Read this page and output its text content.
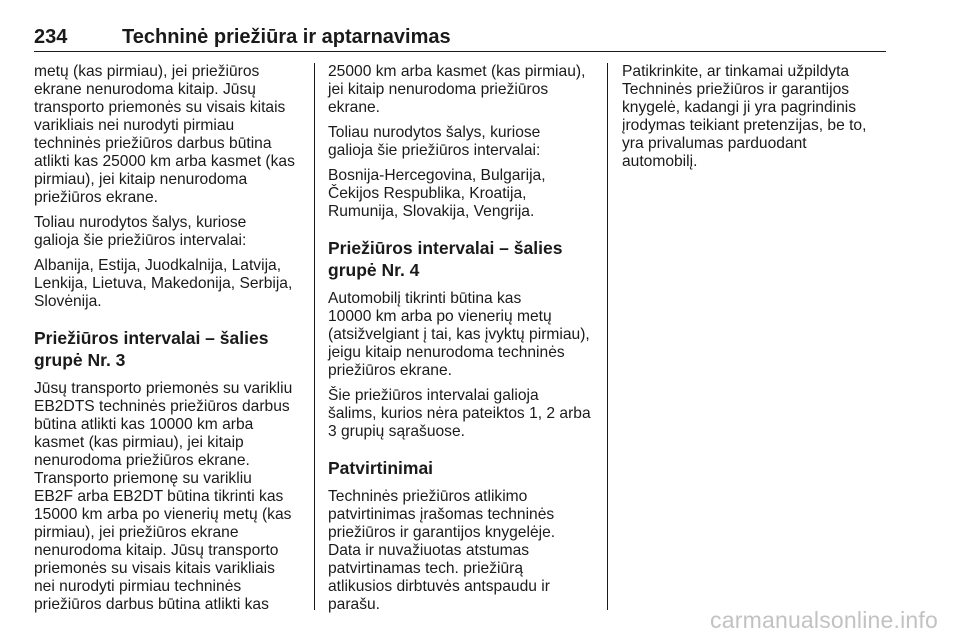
234	Techninė priežiūra ir aptarnavimas

metų (kas pirmiau), jei priežiūros
ekrane nenurodoma kitaip. Jūsų
transporto priemonės su visais kitais
varikliais nei nurodyti pirmiau
techninės priežiūros darbus būtina
atlikti kas 25000 km arba kasmet (kas
pirmiau), jei kitaip nenurodoma
priežiūros ekrane.

Toliau nurodytos šalys, kuriose
galioja šie priežiūros intervalai:

Albanija, Estija, Juodkalnija, Latvija,
Lenkija, Lietuva, Makedonija, Serbija,
Slovėnija.

Priežiūros intervalai – šalies
grupė Nr. 3

Jūsų transporto priemonės su varikliu
EB2DTS techninės priežiūros darbus
būtina atlikti kas 10000 km arba
kasmet (kas pirmiau), jei kitaip
nenurodoma priežiūros ekrane.
Transporto priemonę su varikliu
EB2F arba EB2DT būtina tikrinti kas
15000 km arba po vienerių metų (kas
pirmiau), jei priežiūros ekrane
nenurodoma kitaip. Jūsų transporto
priemonės su visais kitais varikliais
nei nurodyti pirmiau techninės
priežiūros darbus būtina atlikti kas

25000 km arba kasmet (kas pirmiau),
jei kitaip nenurodoma priežiūros
ekrane.

Toliau nurodytos šalys, kuriose
galioja šie priežiūros intervalai:

Bosnija-Hercegovina, Bulgarija,
Čekijos Respublika, Kroatija,
Rumunija, Slovakija, Vengrija.

Priežiūros intervalai – šalies
grupė Nr. 4

Automobilį tikrinti būtina kas
10000 km arba po vienerių metų
(atsižvelgiant į tai, kas įvyktų pirmiau),
jeigu kitaip nenurodoma techninės
priežiūros ekrane.

Šie priežiūros intervalai galioja
šalims, kurios nėra pateiktos 1, 2 arba
3 grupių sąrašuose.

Patvirtinimai

Techninės priežiūros atlikimo
patvirtinimas įrašomas techninės
priežiūros ir garantijos knygelėje.
Data ir nuvažiuotas atstumas
patvirtinamas tech. priežiūrą
atlikusios dirbtuvės antspaudu ir
parašu.

Patikrinkite, ar tinkamai užpildyta
Techninės priežiūros ir garantijos
knygelė, kadangi ji yra pagrindinis
įrodymas teikiant pretenzijas, be to,
yra privalumas parduodant
automobilį.

carmanualsonline.info
